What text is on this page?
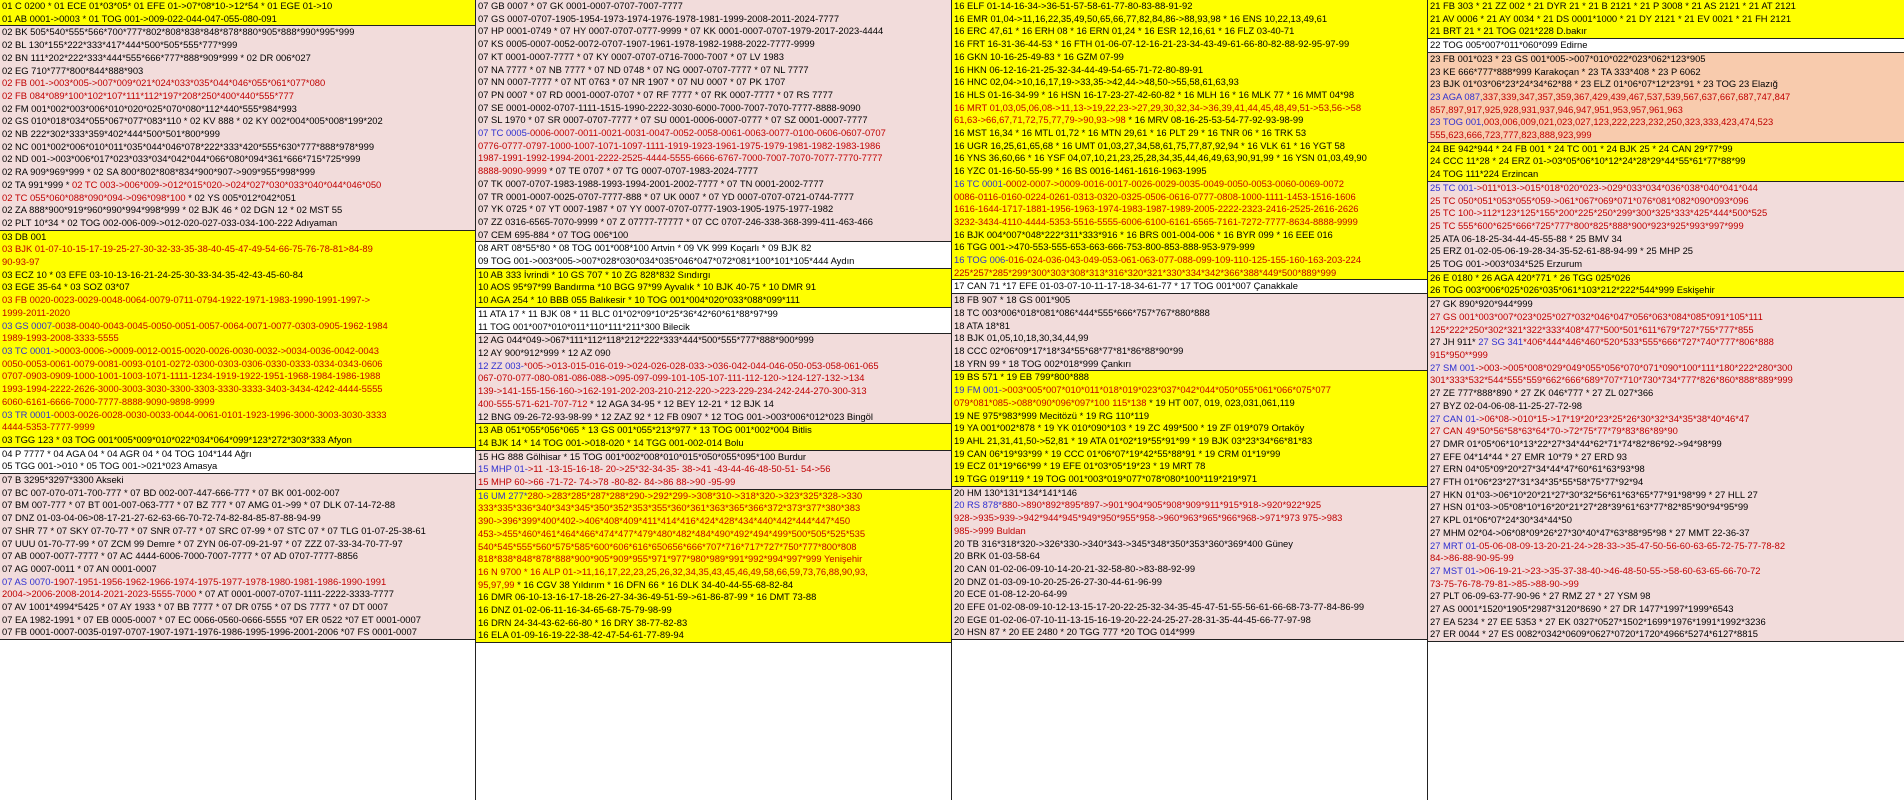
01 C 0200 * 01 ECE 01*03*05* 01 EFE 01->07*08*10->12*54 * 01 EGE 01->10
01 AB 0001->0003 * 01 TOG 001->009-022-044-047-055-080-091
02 BK 505*540*555*566*700*777*802*808*838*848*878*880*905*888*990*995*999
02 BL 130*155*222*333*417*444*500*505*555*777*999
02 BN 111*202*222*333*444*555*666*777*888*909*999 * 02 DR 006*027
02 EG 710*777*800*844*888*903
02 FB 001->003*005->007*009*021*024*033*035*044*046*055*061*077*080
02 FB 084*089*100*102*107*111*112*197*208*250*400*440*555*777
02 FM 001*002*003*006*010*020*025*070*080*112*440*555*984*993
02 GS 010*018*034*055*067*077*083*110 * 02 KV 888 * 02 KY 002*004*005*008*199*202
02 NB 222*302*333*359*402*444*500*501*800*999
02 NC 001*002*006*010*011*035*044*046*078*222*333*420*555*630*777*888*978*999
02 ND 001->003*006*017*023*033*034*042*044*066*080*094*361*666*715*725*999
02 RA 909*969*999 * 02 SA 800*802*808*834*900*907->909*955*998*999
02 TA 991*999 * 02 TC 003->006*009->012*015*020->024*027*030*033*040*044*046*050
02 TC 055*060*088*090*094->096*098*100 * 02 YS 005*012*042*051
02 ZA 888*900*919*960*990*994*998*999 * 02 BJK 46 * 02 DGN 12 * 02 MST 55
02 PLT 10*34 * 02 TOG 002-006-009->012-020-027-033-034-100-222 Adıyaman
03 DB 001
03 BJK 01-07-10-15-17-19-25-27-30-32-33-35-38-40-45-47-49-54-66-75-76-78-81>84-89
90-93-97
03 ECZ 10 * 03 EFE 03-10-13-16-21-24-25-30-33-34-35-42-43-45-60-84
03 EGE 35-64 * 03 SOZ 03*07
03 FB 0020-0023-0029-0048-0064-0079-0711-0794-1922-1971-1983-1990-1991-1997->
1999-2011-2020
03 GS 0007-0038-0040-0043-0045-0050-0051-0057-0064-0071-0077-0303-0905-1962-1984
1989-1993-2008-3333-5555
03 TC 0001->0003-0006->0009-0012-0015-0020-0026-0030-0032->0034-0036-0042-0043
0050-0053-0061-0079-0081-0093-0101-0272-0300-0303-0306-0330-0333-0334-0343-0606
0707-0903-0909-1000-1001-1003-1071-1111-1234-1919-1922-1951-1968-1984-1986-1988
1993-1994-2222-2626-3000-3003-3030-3300-3303-3330-3333-3403-3434-4242-4444-5555
6060-6161-6666-7000-7777-8888-9090-9898-9999
03 TR 0001-0003-0026-0028-0030-0033-0044-0061-0101-1923-1996-3000-3003-3030-3333
4444-5353-7777-9999
03 TGG 123 * 03 TOG 001*005*009*010*022*034*064*099*123*272*303*333 Afyon
04 P 7777 * 04 AGA 04 * 04 AGR 04 * 04 TOG 104*144 Ağrı
05 TGG 001->010 * 05 TOG 001->021*023 Amasya
07 B 3295*3297*3300 Akseki
07 BC 007-070-071-700-777 * 07 BD 002-007-447-666-777 * 07 BK 001-002-007
07 BM 007-777 * 07 BT 001-007-063-777 * 07 BZ 777 * 07 AMG 01->99 * 07 DLK 07-14-72-88
07 DNZ 01-03-04-06>08-17-21-27-62-63-66-70-72-74-82-84-85-87-88-94-99
07 SHR 77 * 07 SKY 07-70-77 * 07 SNR 07-77 * 07 SRC 07-99 * 07 STC 07 * 07 TLG 01-07-25-38-61
07 UUU 01-70-77-99 * 07 ZCM 99 Demre * 07 ZYN 06-07-09-21-97 * 07 ZZZ 07-33-34-70-77-97
07 AB 0007-0077-7777 * 07 AC 4444-6006-7000-7007-7777 * 07 AD 0707-7777-8856
07 AG 0007-0011 * 07 AN 0001-0007
07 AS 0070-1907-1951-1956-1962-1966-1974-1975-1977-1978-1980-1981-1986-1990-1991
2004->2006-2008-2014-2021-2023-5555-7000 * 07 AT 0001-0007-0707-1111-2222-3333-7777
07 AV 1001*4994*5425 * 07 AY 1933 * 07 BB 7777 * 07 DR 0755 * 07 DS 7777 * 07 DT 0007
07 EA 1982-1991 * 07 EB 0005-0007 * 07 EC 0066-0560-0666-5555 *07 ER 0522 *07 ET 0001-0007
07 FB 0001-0007-0035-0197-0707-1907-1971-1976-1986-1995-1996-2001-2006 *07 FS 0001-0007
07 GB 0007 * 07 GK 0001-0007-0707-7007-7777
07 GS 0007-0707-1905-1954-1973-1974-1976-1978-1981-1999-2008-2011-2024-7777
07 HP 0001-0749 * 07 HY 0007-0707-0777-9999 * 07 KK 0001-0007-0707-1979-2017-2023-4444
07 KS 0005-0007-0052-0072-0707-1907-1961-1978-1982-1988-2022-7777-9999
07 KT 0001-0007-7777 * 07 KY 0007-0707-0716-7000-7007 * 07 LV 1983
07 NA 7777 * 07 NB 7777 * 07 ND 0748 * 07 NG 0007-0707-7777 * 07 NL 7777
07 NN 0007-7777 * 07 NT 0763 * 07 NR 1907 * 07 NU 0007 * 07 PK 1707
07 PN 0007 * 07 RD 0001-0007-0707 * 07 RF 7777 * 07 RK 0007-7777 * 07 RS 7777
07 SE 0001-0002-0707-1111-1515-1990-2222-3030-6000-7000-7007-7070-7777-8888-9090
07 SL 1970 * 07 SR 0007-0707-7777 * 07 SU 0001-0006-0007-0777 * 07 SZ 0001-0007-7777
07 TC 0005-0006-0007-0011-0021-0031-0047-0052-0058-0061-0063-0077-0100-0606-0607-0707
0776-0777-0797-1000-1007-1071-1097-1111-1919-1923-1961-1975-1979-1981-1982-1983-1986
1987-1991-1992-1994-2001-2222-2525-4444-5555-6666-6767-7000-7007-7070-7077-7770-7777
8888-9090-9999 * 07 TE 0707 * 07 TG 0007-0707-1983-2024-7777
07 TK 0007-0707-1983-1988-1993-1994-2001-2002-7777 * 07 TN 0001-2002-7777
07 TR 0001-0007-0025-0707-7777-888 * 07 UK 0007 * 07 YD 0007-0707-0721-0744-7777
07 YK 0725 * 07 YT 0007-1987 * 07 YY 0007-0707-0777-1903-1905-1975-1977-1982
07 ZZ 0316-6565-7070-9999 * 07 Z 07777-77777 * 07 CC 0707-246-338-368-399-411-463-466
07 CEM 695-884 * 07 TOG 006*100
08 ART 08*55*80 * 08 TOG 001*008*100 Artvin * 09 VK 999 Koçarlı * 09 BJK 82
09 TOG 001->003*005->007*028*030*034*035*046*047*072*081*100*101*105*444 Aydın
10 AB 333 İvrindi * 10 GS 707 * 10 ZG 828*832 Sındırgı
10 AOS 95*97*99 Bandırma *10 BGG 97*99 Ayvalık * 10 BJK 40-75 * 10 DMR 91
10 AGA 254 * 10 BBB 055 Balıkesir * 10 TOG 001*004*020*033*088*099*111
11 ATA 17 * 11 BJK 08 * 11 BLC 01*02*09*10*25*36*42*60*61*88*97*99
11 TOG 001*007*010*011*110*111*211*300 Bilecik
12 AG 044*049->067*111*112*118*212*222*333*444*500*555*777*888*900*999
12 AY 900*912*999 * 12 AZ 090
12 ZZ 003-*005->013-015-016-019->024-026-028-033->036-042-044-046-050-053-058-061-065
067-070-077-080-081-086-088->095-097-099-101-105-107-111-112-120->124-127-132->134
139->141-155-156-160->162-191-202-203-210-212-220->223-229-234-242-244-270-300-313
400-555-571-621-707-712 * 12 AGA 34-95 * 12 BEY 12-21 * 12 BJK 14
12 BNG 09-26-72-93-98-99 * 12 ZAZ 92 * 12 FB 0907 * 12 TOG 001->003*006*012*023 Bingöl
13 AB 051*055*056*065 * 13 GS 001*055*213*977 * 13 TOG 001*002*004 Bitlis
14 BJK 14 * 14 TOG 001->018-020 * 14 TGG 001-002-014 Bolu
15 HG 888 Gölhisar * 15 TOG 001*002*008*010*015*050*055*095*100 Burdur
15 MHP 01->11 -13-15-16-18- 20->25*32-34-35- 38->41 -43-44-46-48-50-51- 54->56
15 MHP 60->66 -71-72- 74->78 -80-82- 84->86 88->90 -95-99
16 UM 277*280->283*285*287*288*290->292*299->308*310->318*320->323*325*328->330
333*335*336*340*343*345*350*352*353*355*360*361*363*365*366*372*373*377*380*383
390->396*399*400*402->406*408*409*411*414*416*424*428*434*440*442*444*447*450
453->455*460*461*464*466*474*477*479*480*482*484*490*492*494*499*500*505*525*535
540*545*555*560*575*585*600*606*616*650656*666*707*716*717*727*750*777*800*808
818*838*848*878*888*900*905*909*955*971*977*980*989*991*992*994*997*999 Yenişehir
16 N 9700 * 16 ALP 01->11,16,17,22,23,25,26,32,34,35,43,45,46,49,58,66,59,73,76,88,90,93,
95,97,99 * 16 CGV 38 Yıldırım * 16 DFN 66 * 16 DLK 34-40-44-55-68-82-84
16 DMR 06-10-13-16-17-18-26-27-34-36-49-51-59->61-86-87-99 * 16 DMT 73-88
16 DNZ 01-02-06-11-16-34-65-68-75-79-98-99
16 DRN 24-34-43-62-66-80 * 16 DRY 38-77-82-83
16 ELA 01-09-16-19-22-38-42-47-54-61-77-89-94
16 ELF 01-14-16-34->36-51-57-58-61-77-80-83-88-91-92
16 EMR 01,04->11,16,22,35,49,50,65,66,77,82,84,86->88,93,98 * 16 ENS 10,22,13,49,61
16 ERC 47,61 * 16 ERH 08 * 16 ERN 01,24 * 16 ESR 12,16,61 * 16 FLZ 03-40-71
16 FRT 16-31-36-44-53 * 16 FTH 01-06-07-12-16-21-23-34-43-49-61-66-80-82-88-92-95-97-99
16 GKN 10-16-25-49-83 * 16 GZM 07-99
16 HKN 06-12-16-21-25-32-34-44-49-54-65-71-72-80-89-91
16 HNC 02,04->10,16,17,19->33,35->42,44->48,50->55,58,61,63,93
16 HLS 01-16-34-99 * 16 HSN 16-17-23-27-42-60-82 * 16 MLH 16 * 16 MLK 77 * 16 MMT 04*98
16 MRT 01,03,05,06,08->11,13->19,22,23->27,29,30,32,34->36,39,41,44,45,48,49,51->53,56->58
61,63->66,67,71,72,75,77,79->90,93->98 * 16 MRV 08-16-25-53-54-77-92-93-98-99
16 MST 16,34 * 16 MTL 01,72 * 16 MTN 29,61 * 16 PLT 29 * 16 TNR 06 * 16 TRK 53
16 UGR 16,25,61,65,68 * 16 UMT 01,03,27,34,58,61,75,77,87,92,94 * 16 VLK 61 * 16 YGT 58
16 YNS 36,60,66 * 16 YSF 04,07,10,21,23,25,28,34,35,44,46,49,63,90,91,99 * 16 YSN 01,03,49,90
16 YZC 01-16-50-55-99 * 16 BS 0016-1461-1616-1963-1995
16 TC 0001-0002-0007->0009-0016-0017-0026-0029-0035-0049-0050-0053-0060-0069-0072
0086-0116-0160-0224-0261-0313-0320-0325-0506-0616-0777-0808-1000-1111-1453-1516-1606
1616-1644-1717-1881-1956-1963-1974-1983-1987-1989-2005-2222-2323-2416-2525-2616-2626
3232-3434-4110-4444-5353-5516-5555-6006-6100-6161-6565-7161-7272-7777-8634-8888-9999
16 BJK 004*007*048*222*311*333*916 * 16 BRS 001-004-006 * 16 BYR 099 * 16 EEE 016
16 TGG 001->470-553-555-653-663-666-753-800-853-888-953-979-999
16 TOG 006-016-024-036-043-049-053-061-063-077-088-099-109-110-125-155-160-163-203-224
225*257*285*299*300*303*308*313*316*320*321*330*334*342*366*388*449*500*889*999
17 CAN 71 *17 EFE 01-03-07-10-11-17-18-34-61-77 * 17 TOG 001*007 Çanakkale
18 FB 907 * 18 GS 001*905
18 TC 003*006*018*081*086*444*555*666*757*767*880*888
18 ATA 18*81
18 BJK 01,05,10,18,30,34,44,99
18 CCC 02*06*09*17*18*34*55*68*77*81*86*88*90*99
18 YRN 99 * 18 TOG 002*018*999 Çankırı
19 BS 571 * 19 EB 799*800*888
19 FM 001->003*005*007*010*011*018*019*023*037*042*044*050*055*061*066*075*077
079*081*085->088*090*096*097*100 115*138 * 19 HT 007, 019, 023,031,061,119
19 NE 975*983*999 Mecitözü * 19 RG 110*119
19 YA 001*002*878 * 19 YK 010*090*103 * 19 ZC 499*500 * 19 ZF 019*079 Ortaköy
19 AHL 21,31,41,50->52,81 * 19 ATA 01*02*19*55*91*99 * 19 BJK 03*23*34*66*81*83
19 CAN 06*19*93*99 * 19 CCC 01*06*07*19*42*55*88*91 * 19 CRM 01*19*99
19 ECZ 01*19*66*99 * 19 EFE 01*03*05*19*23 * 19 MRT 78
19 TGG 019*119 * 19 TOG 001*003*019*077*078*080*100*119*219*971
20 HM 130*131*134*141*146
20 RS 878*880->890*892*895*897->901*904*905*908*909*911*915*918->920*922*925
928->935>939->942*944*945*949*950*955*958->960*963*965*966*968->971*973 975->983
985->999 Buldan
20 TB 316*318*320->326*330->340*343->345*348*350*353*360*369*400 Güney
20 BRK 01-03-58-64
20 CAN 01-02-06-09-10-14-20-21-32-58-80->83-88-92-99
20 DNZ 01-03-09-10-20-25-26-27-30-44-61-96-99
20 ECE 01-08-12-20-64-99
20 EFE 01-02-08-09-10-12-13-15-17-20-22-25-32-34-35-45-47-51-55-56-61-66-68-73-77-84-86-99
20 EGE 01-02-06-07-10-11-13-15-16-19-20-22-24-25-27-28-31-35-44-45-66-77-97-98
20 HSN 87 * 20 EE 2480 * 20 TGG 777 *20 TOG 014*999
21 FB 303 * 21 ZZ 002 * 21 DYR 21 * 21 B 2121 * 21 P 3008 * 21 AS 2121 * 21 AT 2121
21 AV 0006 * 21 AY 0034 * 21 DS 0001*1000 * 21 DY 2121 * 21 EV 0021 * 21 FH 2121
21 BRT 21 * 21 TOG 021*228 D.bakır
22 TOG 005*007*011*060*099 Edirne
23 FB 001*023 * 23 GS 001*005->007*010*022*023*062*123*905
23 KE 666*777*888*999 Karakoçan * 23 TA 333*408 * 23 P 6062
23 BJK 01*03*06*23*24*34*62*88 * 23 ELZ 01*06*07*12*23*91 * 23 TOG 23 Elazığ
23 AGA 087,337,339,347,357,359,367,429,439,467,537,539,567,637,667,687,747,847
857,897,917,925,928,931,937,946,947,951,953,957,961,963
23 TOG 001,003,006,009,021,023,027,123,222,223,232,250,323,333,423,474,523
555,623,666,723,777,823,888,923,999
24 BE 942*944 * 24 FB 001 * 24 TC 001 * 24 BJK 25 * 24 CAN 29*77*99
24 CCC 11*28 * 24 ERZ 01->03*05*06*10*12*24*28*29*44*55*61*77*88*99
24 TOG 111*224 Erzincan
25 TC 001->011*013->015*018*020*023->029*033*034*036*038*040*041*044
25 TC 050*051*053*055*059->061*067*069*071*076*081*082*090*093*096
25 TC 100->112*123*125*155*200*225*250*299*300*325*333*425*444*500*525
25 TC 555*600*625*666*725*777*800*825*888*900*923*925*993*997*999
25 ATA 06-18-25-34-44-45-55-88 * 25 BMV 34
25 ERZ 01-02-05-06-19-28-34-35-52-61-88-94-99 * 25 MHP 25
25 TOG 001->003*034*525 Erzurum
26 E 0180 * 26 AGA 420*771 * 26 TGG 025*026
26 TOG 003*006*025*026*035*061*103*212*222*544*999 Eskişehir
27 GK 890*920*944*999
27 GS 001*003*007*023*025*027*032*046*047*056*063*084*085*091*105*111
125*222*250*302*321*322*333*408*477*500*501*611*679*727*755*777*855
27 JH 911* 27 SG 341*406*444*446*460*520*533*555*666*727*740*777*806*888
915*950**999
27 SM 001->003->005*008*029*049*055*056*070*071*090*100*111*180*222*280*300
301*333*532*544*555*559*662*666*689*707*710*730*734*777*826*860*888*889*999
27 ZE 777*888*890 * 27 ZK 046*777 * 27 ZL 027*366
27 BYZ 02-04-06-08-11-25-27-72-98
27 CAN 01->06*08->010*15->17*19*20*23*25*26*30*32*34*35*38*40*46*47
27 CAN 49*50*56*58*63*64*70->72*75*77*79*83*86*89*90
27 DMR 01*05*06*10*13*22*27*34*44*62*71*74*82*86*92->94*98*99
27 EFE 04*14*44 * 27 EMR 10*79 * 27 ERD 93
27 ERN 04*05*09*20*27*34*44*47*60*61*63*93*98
27 FTH 01*06*23*27*31*34*35*55*58*75*77*92*94
27 HKN 01*03->06*10*20*21*27*30*32*56*61*63*65*77*91*98*99 * 27 HLL 27
27 HSN 01*03->05*08*10*16*20*21*27*28*39*61*63*77*82*85*90*94*95*99
27 KPL 01*06*07*24*30*34*44*50
27 MHM 02*04->06*08*09*26*27*30*40*47*63*88*95*98 * 27 MMT 22-36-37
27 MRT 01-05-06-08-09-13-20-21-24->28-33->35-47-50-56-60-63-65-72-75-77-78-82
84->86-88-90-95-99
27 MST 01->06-19-21->23->35-37-38-40->46-48-50-55->58-60-63-65-66-70-72
73-75-76-78-79-81->85->88-90->99
27 PLT 06-09-63-77-90-96 * 27 RMZ 27 * 27 YSM 98
27 AS 0001*1520*1905*2987*3120*8690 * 27 DR 1477*1997*1999*6543
27 EA 5234 * 27 EE 5353 * 27 EK 0327*0527*1502*1699*1976*1991*1992*3236
27 ER 0044 * 27 ES 0082*0342*0609*0627*0720*1720*4966*5274*6127*8815
